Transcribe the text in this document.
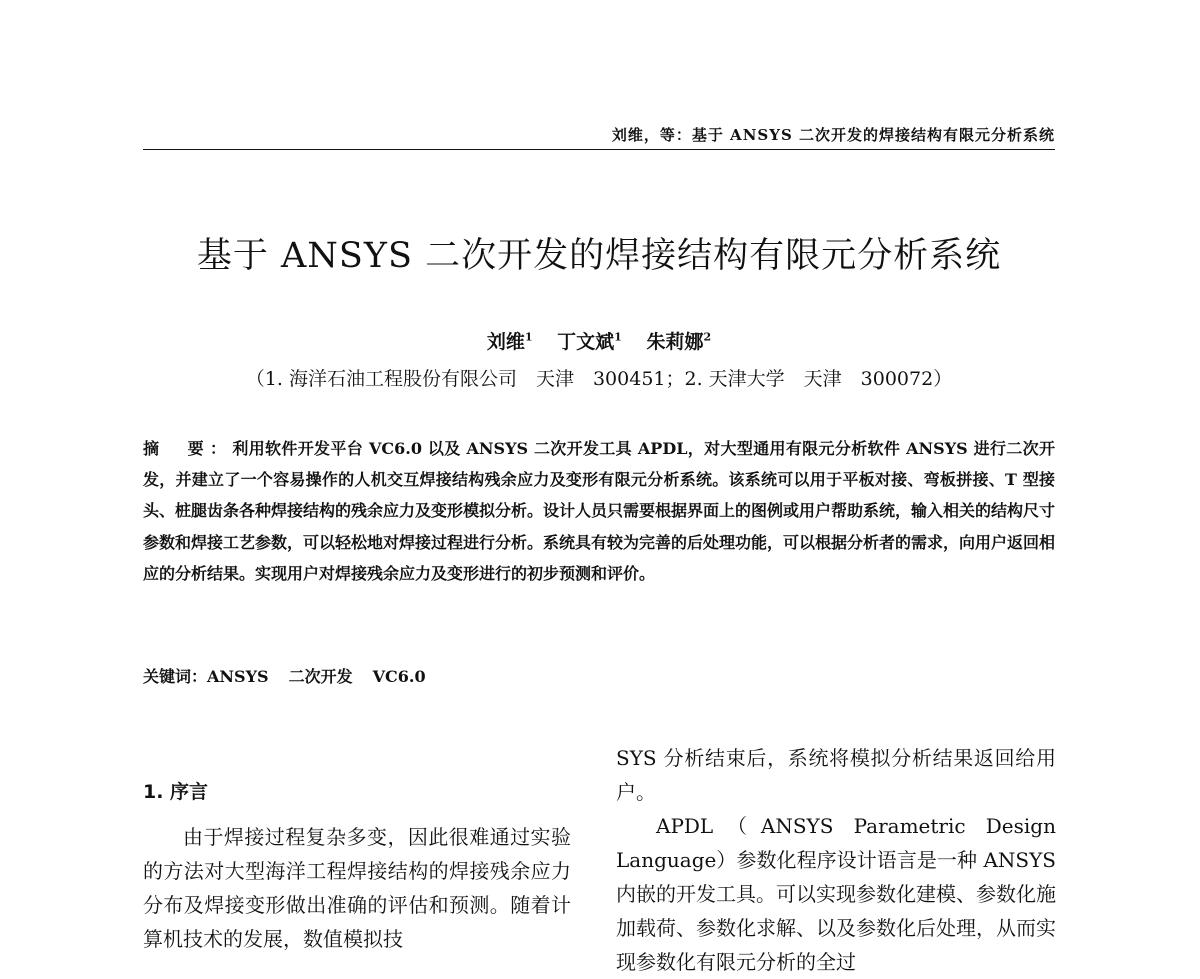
刘维，等：基于 ANSYS 二次开发的焊接结构有限元分析系统
基于 ANSYS 二次开发的焊接结构有限元分析系统
刘维$^1$ 丁文斌$^1$ 朱莉娜$^2$
（1. 海洋石油工程股份有限公司　天津　300451；2. 天津大学　天津　300072）
摘　要：利用软件开发平台 VC6.0 以及 ANSYS 二次开发工具 APDL，对大型通用有限元分析软件 ANSYS 进行二次开发，并建立了一个容易操作的人机交互焊接结构残余应力及变形有限元分析系统。该系统可以用于平板对接、弯板拼接、T 型接头、桩腿齿条各种焊接结构的残余应力及变形模拟分析。设计人员只需要根据界面上的图例或用户帮助系统，输入相关的结构尺寸参数和焊接工艺参数，可以轻松地对焊接过程进行分析。系统具有较为完善的后处理功能，可以根据分析者的需求，向用户返回相应的分析结果。实现用户对焊接残余应力及变形进行的初步预测和评价。
关键词：ANSYS 二次开发 VC6.0
1. 序言

由于焊接过程复杂多变，因此很难通过实验的方法对大型海洋工程焊接结构的焊接残余应力分布及焊接变形做出准确的评估和预测。随着计算机技术的发展，数值模拟技

SYS 分析结束后，系统将模拟分析结果返回给用户。

APDL（ANSYS Parametric Design Language）参数化程序设计语言是一种 ANSYS 内嵌的开发工具。可以实现参数化建模、参数化施加载荷、参数化求解、以及参数化后处理，从而实现参数化有限元分析的全过
